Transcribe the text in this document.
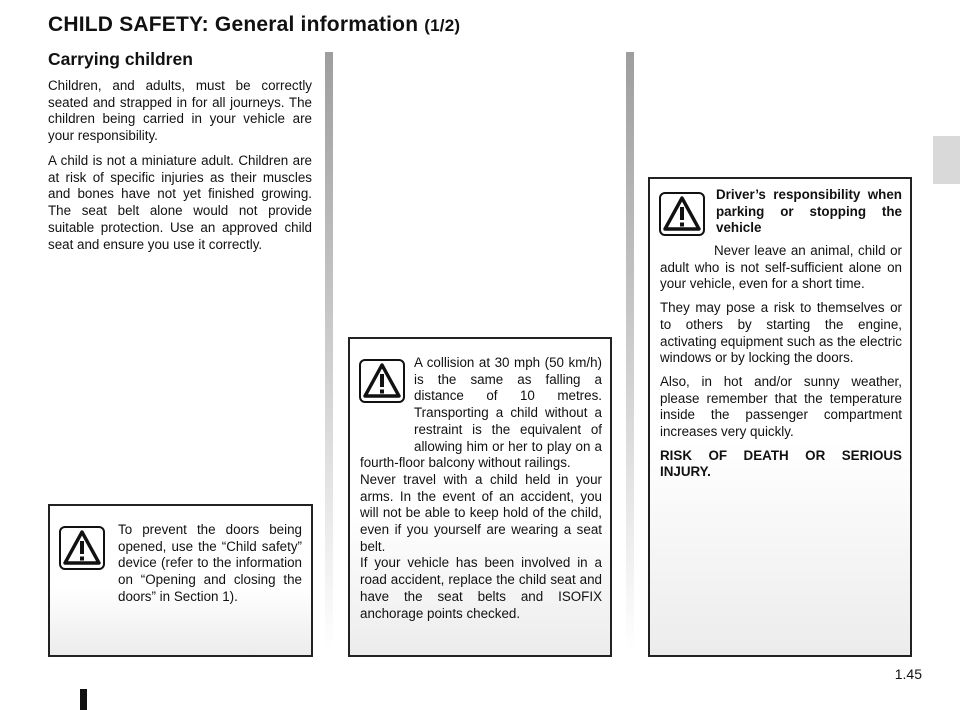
CHILD SAFETY: General information (1/2)
Carrying children
Children, and adults, must be correctly seated and strapped in for all journeys. The children being carried in your vehicle are your responsibility.
A child is not a miniature adult. Children are at risk of specific injuries as their muscles and bones have not yet finished growing. The seat belt alone would not provide suitable protection. Use an approved child seat and ensure you use it correctly.
To prevent the doors being opened, use the “Child safety” device (refer to the information on “Opening and closing the doors” in Section 1).

A collision at 30 mph (50 km/h) is the same as falling a distance of 10 metres. Transporting a child without a restraint is the equivalent of allowing him or her to play on a fourth-floor balcony without railings.

Never travel with a child held in your arms. In the event of an accident, you will not be able to keep hold of the child, even if you yourself are wearing a seat belt.

If your vehicle has been involved in a road accident, replace the child seat and have the seat belts and ISOFIX anchorage points checked.

Driver’s responsibility when parking or stopping the vehicle

Never leave an animal, child or adult who is not self-sufficient alone on your vehicle, even for a short time.

They may pose a risk to themselves or to others by starting the engine, activating equipment such as the electric windows or by locking the doors.

Also, in hot and/or sunny weather, please remember that the temperature inside the passenger compartment increases very quickly.

RISK OF DEATH OR SERIOUS INJURY.

1.45
